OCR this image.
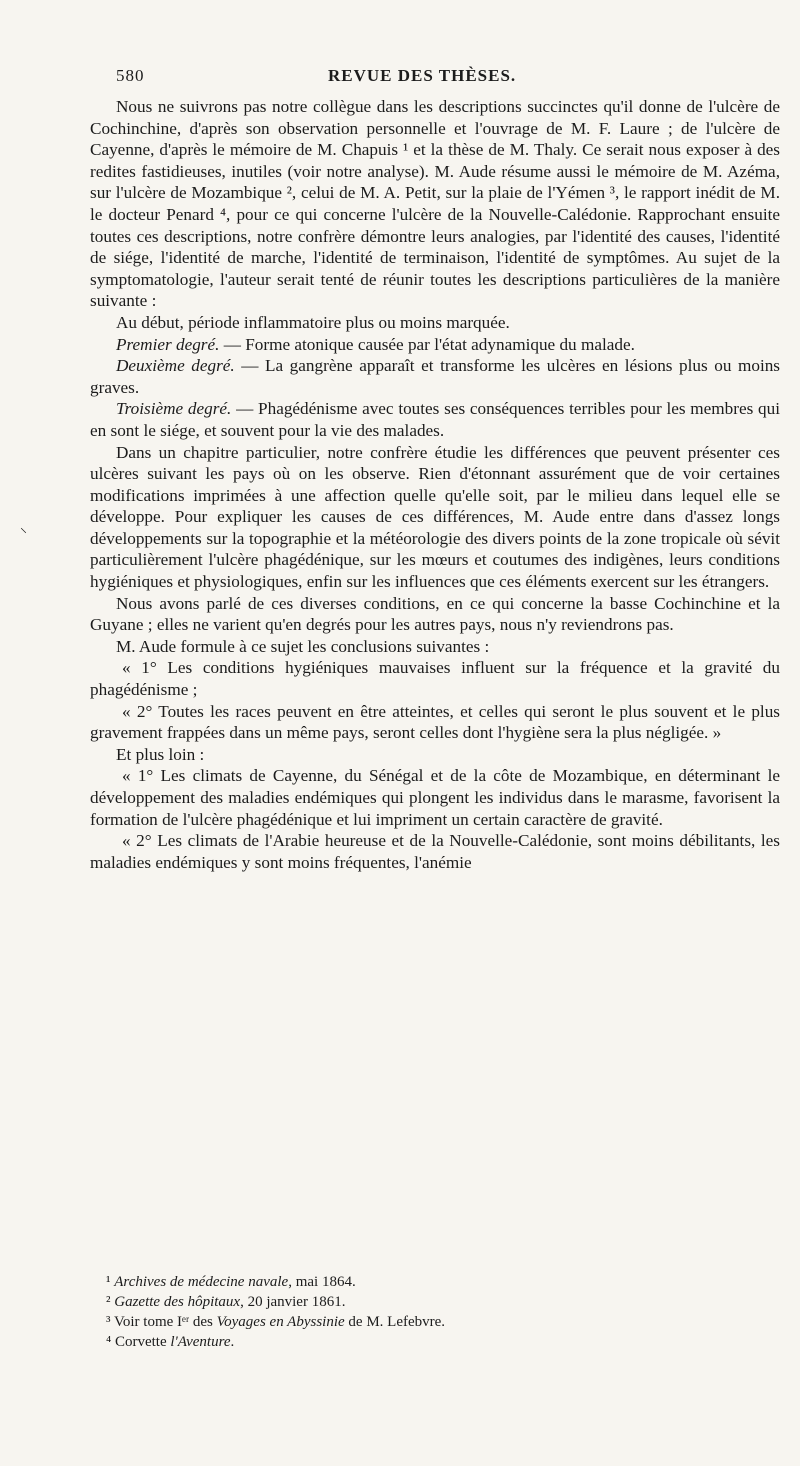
580	REVUE DES THÈSES.
⸜

Nous ne suivrons pas notre collègue dans les descriptions succinctes qu'il donne de l'ulcère de Cochinchine, d'après son observation personnelle et l'ouvrage de M. F. Laure ; de l'ulcère de Cayenne, d'après le mémoire de M. Chapuis ¹ et la thèse de M. Thaly. Ce serait nous exposer à des redites fastidieuses, inutiles (voir notre analyse). M. Aude résume aussi le mémoire de M. Azéma, sur l'ulcère de Mozambique ², celui de M. A. Petit, sur la plaie de l'Yémen ³, le rapport inédit de M. le docteur Penard ⁴, pour ce qui concerne l'ulcère de la Nouvelle-Calédonie. Rapprochant ensuite toutes ces descriptions, notre confrère démontre leurs analogies, par l'identité des causes, l'identité de siége, l'identité de marche, l'identité de terminaison, l'identité de symptômes. Au sujet de la symptomatologie, l'auteur serait tenté de réunir toutes les descriptions particulières de la manière suivante :

Au début, période inflammatoire plus ou moins marquée.

Premier degré. — Forme atonique causée par l'état adynamique du malade.

Deuxième degré. — La gangrène apparaît et transforme les ulcères en lésions plus ou moins graves.

Troisième degré. — Phagédénisme avec toutes ses conséquences terribles pour les membres qui en sont le siége, et souvent pour la vie des malades.

Dans un chapitre particulier, notre confrère étudie les différences que peuvent présenter ces ulcères suivant les pays où on les observe. Rien d'étonnant assurément que de voir certaines modifications imprimées à une affection quelle qu'elle soit, par le milieu dans lequel elle se développe. Pour expliquer les causes de ces différences, M. Aude entre dans d'assez longs développements sur la topographie et la météorologie des divers points de la zone tropicale où sévit particulièrement l'ulcère phagédénique, sur les mœurs et coutumes des indigènes, leurs conditions hygiéniques et physiologiques, enfin sur les influences que ces éléments exercent sur les étrangers.

Nous avons parlé de ces diverses conditions, en ce qui concerne la basse Cochinchine et la Guyane ; elles ne varient qu'en degrés pour les autres pays, nous n'y reviendrons pas.

M. Aude formule à ce sujet les conclusions suivantes :

« 1° Les conditions hygiéniques mauvaises influent sur la fréquence et la gravité du phagédénisme ;

« 2° Toutes les races peuvent en être atteintes, et celles qui seront le plus souvent et le plus gravement frappées dans un même pays, seront celles dont l'hygiène sera la plus négligée. »

Et plus loin :

« 1° Les climats de Cayenne, du Sénégal et de la côte de Mozambique, en déterminant le développement des maladies endémiques qui plongent les individus dans le marasme, favorisent la formation de l'ulcère phagédénique et lui impriment un certain caractère de gravité.

« 2° Les climats de l'Arabie heureuse et de la Nouvelle-Calédonie, sont moins débilitants, les maladies endémiques y sont moins fréquentes, l'anémie

¹ Archives de médecine navale, mai 1864.
² Gazette des hôpitaux, 20 janvier 1861.
³ Voir tome Iᵉʳ des Voyages en Abyssinie de M. Lefebvre.
⁴ Corvette l'Aventure.
